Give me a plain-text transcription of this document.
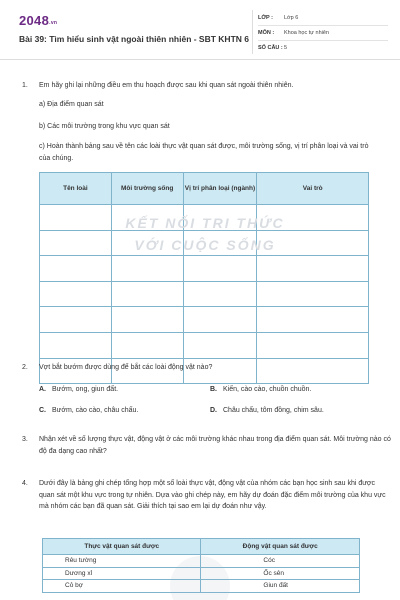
2048.vn
Bài 39: Tìm hiểu sinh vật ngoài thiên nhiên - SBT KHTN 6
LỚP : Lớp 6
MÔN : Khoa học tự nhiên
SỐ CÂU :5
1. Em hãy ghi lại những điều em thu hoạch được sau khi quan sát ngoài thiên nhiên.
a) Địa điểm quan sát
b) Các môi trường trong khu vực quan sát
c) Hoàn thành bảng sau về tên các loài thực vật quan sát được, môi trường sống, vị trí phân loại và vai trò của chúng.
Tên loài	Môi trường sống	Vị trí phân loại (ngành)	Vai trò

KẾT NỐI TRI THỨC
VỚI CUỘC SỐNG
2. Vợt bắt bướm được dùng để bắt các loài động vật nào?
A. Bướm, ong, giun đất.	B. Kiến, cào cào, chuồn chuồn.
C. Bướm, cào cào, châu chấu.	D. Châu chấu, tôm đồng, chim sâu.
3. Nhận xét về số lượng thực vật, động vật ở các môi trường khác nhau trong địa điểm quan sát. Môi trường nào có độ đa dạng cao nhất?
4. Dưới đây là bảng ghi chép tổng hợp một số loài thực vật, động vật của nhóm các bạn học sinh sau khi được quan sát một khu vực trong tự nhiên. Dựa vào ghi chép này, em hãy dự đoán đặc điểm môi trường của khu vực mà nhóm các bạn đã quan sát. Giải thích tại sao em lại dự đoán như vậy.
Thực vật quan sát được	Động vật quan sát được
Rêu tường	Cóc
Dương xỉ	Ốc sên
Cỏ bợ	Giun đất
